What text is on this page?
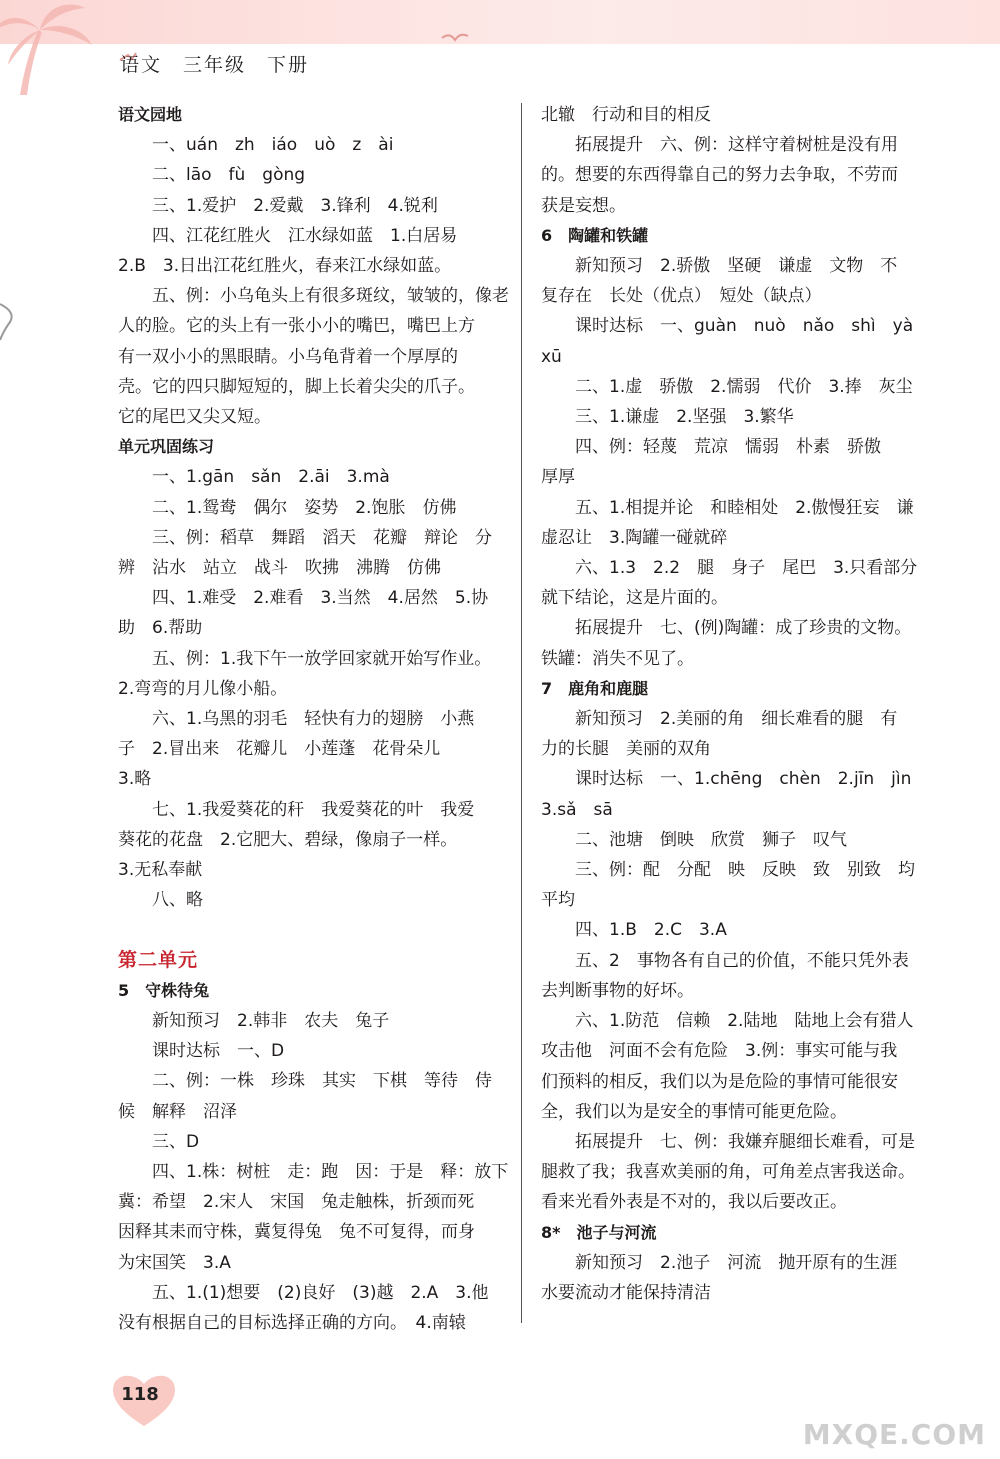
语文　三年级　下册
语文园地
一、uán　zh　iáo　uò　z　ài
二、lāo　fù　gòng
三、1.爱护　2.爱戴　3.锋利　4.锐利
四、江花红胜火　江水绿如蓝　1.白居易
2.B　3.日出江花红胜火，春来江水绿如蓝。
五、例：小乌龟头上有很多斑纹，皱皱的，像老
人的脸。它的头上有一张小小的嘴巴，嘴巴上方
有一双小小的黑眼睛。小乌龟背着一个厚厚的
壳。它的四只脚短短的，脚上长着尖尖的爪子。
它的尾巴又尖又短。
单元巩固练习
一、1.gān　sǎn　2.āi　3.mà
二、1.鸳鸯　偶尔　姿势　2.饱胀　仿佛
三、例：稻草　舞蹈　滔天　花瓣　辩论　分
辨　沾水　站立　战斗　吹拂　沸腾　仿佛
四、1.难受　2.难看　3.当然　4.居然　5.协
助　6.帮助
五、例：1.我下午一放学回家就开始写作业。
2.弯弯的月儿像小船。
六、1.乌黑的羽毛　轻快有力的翅膀　小燕
子　2.冒出来　花瓣儿　小莲蓬　花骨朵儿
3.略
七、1.我爱葵花的秆　我爱葵花的叶　我爱
葵花的花盘　2.它肥大、碧绿，像扇子一样。
3.无私奉献
八、略
第二单元
5　守株待兔
新知预习　2.韩非　农夫　兔子
课时达标　一、D
二、例：一株　珍珠　其实　下棋　等待　侍
候　解释　沼泽
三、D
四、1.株：树桩　走：跑　因：于是　释：放下
冀：希望　2.宋人　宋国　兔走触株，折颈而死
因释其耒而守株，冀复得兔　兔不可复得，而身
为宋国笑　3.A
五、1.(1)想要　(2)良好　(3)越　2.A　3.他
没有根据自己的目标选择正确的方向。　4.南辕
北辙　行动和目的相反
拓展提升　六、例：这样守着树桩是没有用
的。想要的东西得靠自己的努力去争取，不劳而
获是妄想。
6　陶罐和铁罐
新知预习　2.骄傲　坚硬　谦虚　文物　不
复存在　长处（优点）　短处（缺点）
课时达标　一、guàn　nuò　nǎo　shì　yà
xū
二、1.虚　骄傲　2.懦弱　代价　3.捧　灰尘
三、1.谦虚　2.坚强　3.繁华
四、例：轻蔑　荒凉　懦弱　朴素　骄傲
厚厚
五、1.相提并论　和睦相处　2.傲慢狂妄　谦
虚忍让　3.陶罐一碰就碎
六、1.3　2.2　腿　身子　尾巴　3.只看部分
就下结论，这是片面的。
拓展提升　七、(例)陶罐：成了珍贵的文物。
铁罐：消失不见了。
7　鹿角和鹿腿
新知预习　2.美丽的角　细长难看的腿　有
力的长腿　美丽的双角
课时达标　一、1.chēng　chèn　2.jīn　jìn
3.sǎ　sā
二、池塘　倒映　欣赏　狮子　叹气
三、例：配　分配　映　反映　致　别致　均
平均
四、1.B　2.C　3.A
五、2　事物各有自己的价值，不能只凭外表
去判断事物的好坏。
六、1.防范　信赖　2.陆地　陆地上会有猎人
攻击他　河面不会有危险　3.例：事实可能与我
们预料的相反，我们以为是危险的事情可能很安
全，我们以为是安全的事情可能更危险。
拓展提升　七、例：我嫌弃腿细长难看，可是
腿救了我；我喜欢美丽的角，可角差点害我送命。
看来光看外表是不对的，我以后要改正。
8*　池子与河流
新知预习　2.池子　河流　抛开原有的生涯
水要流动才能保持清洁
118
MXQE.COM
